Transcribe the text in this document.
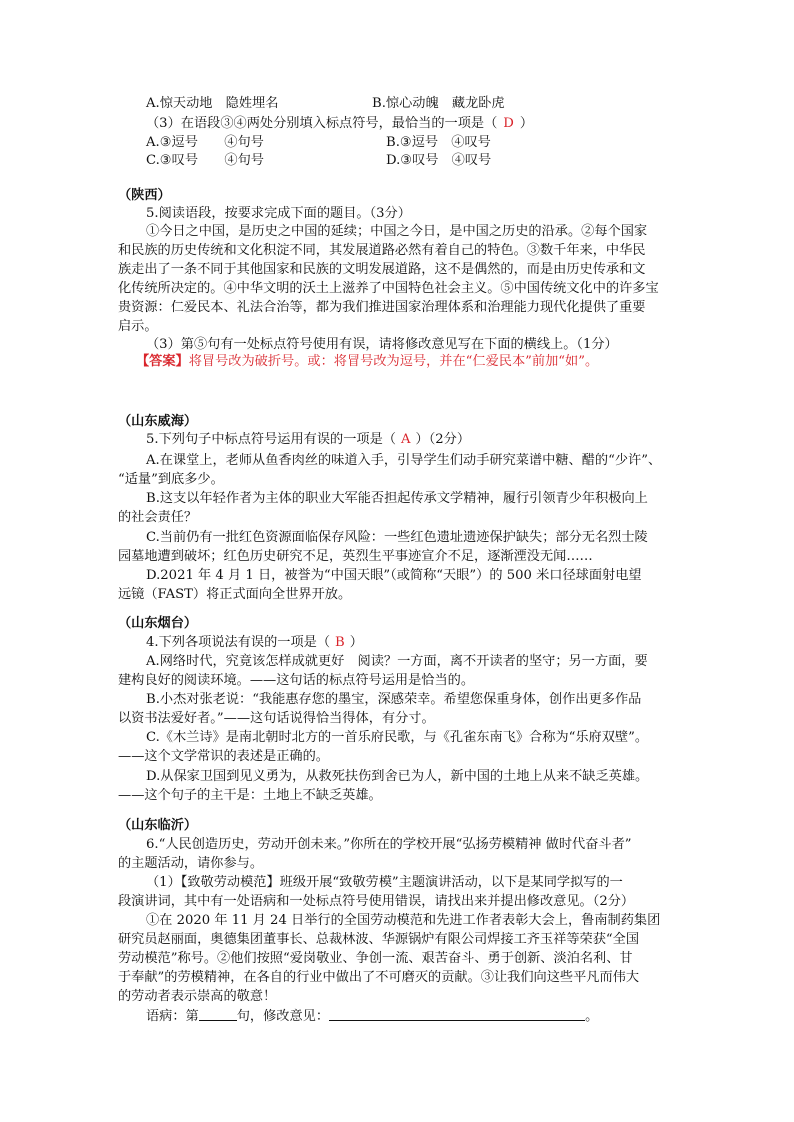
A.惊天动地　隐姓埋名	B.惊心动魄　藏龙卧虎
（3）在语段③④两处分别填入标点符号，最恰当的一项是（ D ）
A.③逗号　　④句号	B.③逗号　④叹号
C.③叹号　　④句号	D.③叹号　④叹号
（陕西）
5.阅读语段，按要求完成下面的题目。（3分）
①今日之中国，是历史之中国的延续；中国之今日，是中国之历史的沿承。②每个国家
和民族的历史传统和文化积淀不同，其发展道路必然有着自己的特色。③数千年来，中华民
族走出了一条不同于其他国家和民族的文明发展道路，这不是偶然的，而是由历史传承和文
化传统所决定的。④中华文明的沃土上滋养了中国特色社会主义。⑤中国传统文化中的许多宝
贵资源：仁爱民本、礼法合治等，都为我们推进国家治理体系和治理能力现代化提供了重要
启示。
（3）第⑤句有一处标点符号使用有误，请将修改意见写在下面的横线上。（1分）
【答案】将冒号改为破折号。或：将冒号改为逗号，并在“仁爱民本”前加“如”。
（山东威海）
5.下列句子中标点符号运用有误的一项是（ A ）（2分）
A.在课堂上，老师从鱼香肉丝的味道入手，引导学生们动手研究菜谱中糖、醋的“少许”、
“适量”到底多少。
B.这支以年轻作者为主体的职业大军能否担起传承文学精神，履行引领青少年积极向上
的社会责任？
C.当前仍有一批红色资源面临保存风险：一些红色遗址遗迹保护缺失；部分无名烈士陵
园墓地遭到破坏；红色历史研究不足，英烈生平事迹宣介不足，逐渐湮没无闻……
D.2021 年 4 月 1 日，被誉为“中国天眼”（或简称“天眼”）的 500 米口径球面射电望
远镜（FAST）将正式面向全世界开放。
（山东烟台）
4.下列各项说法有误的一项是（ B ）
A.网络时代，究竟该怎样成就更好　阅读？一方面，离不开读者的坚守；另一方面，要
建构良好的阅读环境。——这句话的标点符号运用是恰当的。
B.小杰对张老说：“我能惠存您的墨宝，深感荣幸。希望您保重身体，创作出更多作品
以资书法爱好者。”——这句话说得恰当得体，有分寸。
C.《木兰诗》是南北朝时北方的一首乐府民歌，与《孔雀东南飞》合称为“乐府双壁”。
——这个文学常识的表述是正确的。
D.从保家卫国到见义勇为，从救死扶伤到舍已为人，新中国的土地上从来不缺乏英雄。
——这个句子的主干是：土地上不缺乏英雄。
（山东临沂）
6.“人民创造历史，劳动开创未来。”你所在的学校开展“弘扬劳模精神 做时代奋斗者”
的主题活动，请你参与。
（1）【致敬劳动模范】班级开展“致敬劳模”主题演讲活动，以下是某同学拟写的一
段演讲词，其中有一处语病和一处标点符号使用错误，请找出来并提出修改意见。（2分）
①在 2020 年 11 月 24 日举行的全国劳动模范和先进工作者表彰大会上，鲁南制药集团
研究员赵丽面，奥德集团董事长、总裁林波、华源锅炉有限公司焊接工齐玉祥等荣获“全国
劳动模范”称号。②他们按照“爱岗敬业、争创一流、艰苦奋斗、勇于创新、淡泊名利、甘
于奉献”的劳模精神，在各自的行业中做出了不可磨灭的贡献。③让我们向这些平凡而伟大
的劳动者表示崇高的敬意！
语病：第	句，修改意见：	。
